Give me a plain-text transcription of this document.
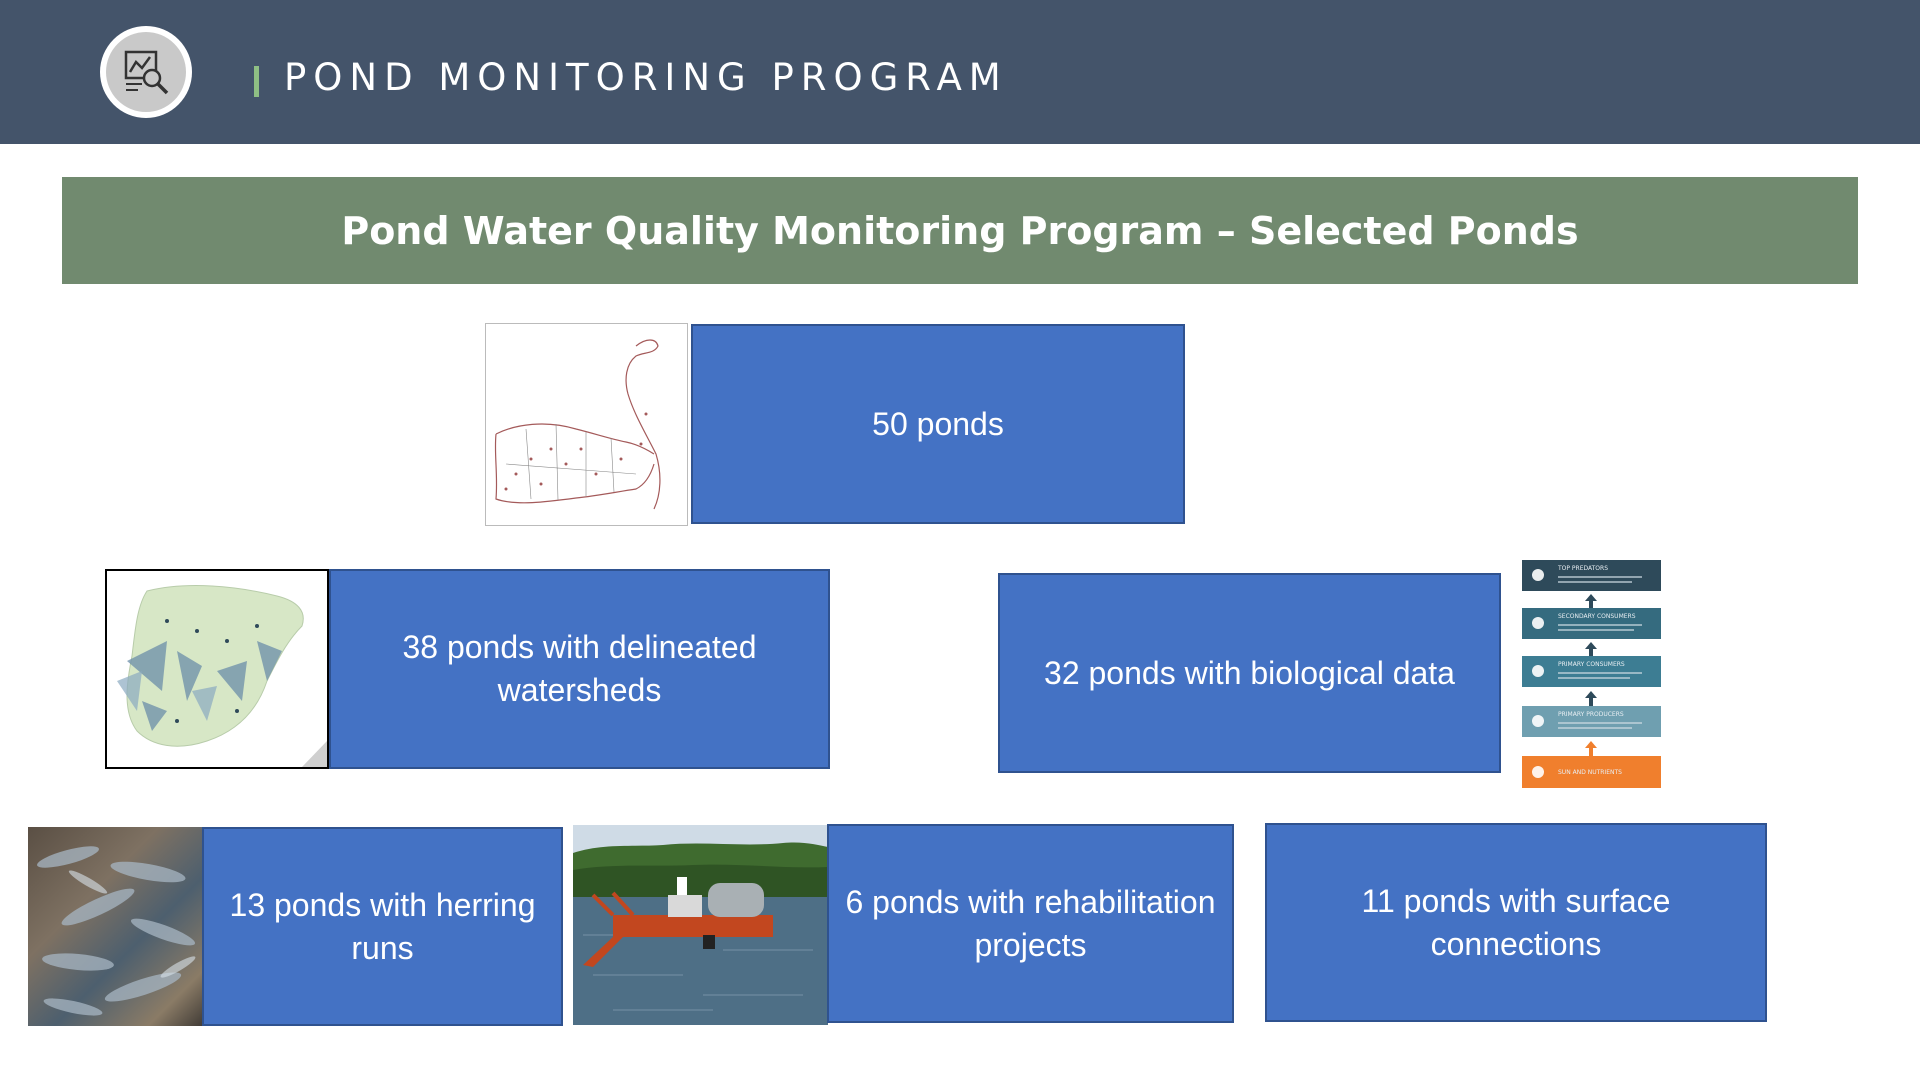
POND MONITORING PROGRAM
Pond Water Quality Monitoring Program – Selected Ponds
50 ponds
38 ponds with delineated watersheds	32 ponds with biological data
TOP PREDATORS
SECONDARY CONSUMERS
PRIMARY CONSUMERS
PRIMARY PRODUCERS
SUN AND NUTRIENTS
13 ponds with herring runs
6 ponds with rehabilitation projects
11 ponds with surface connections
